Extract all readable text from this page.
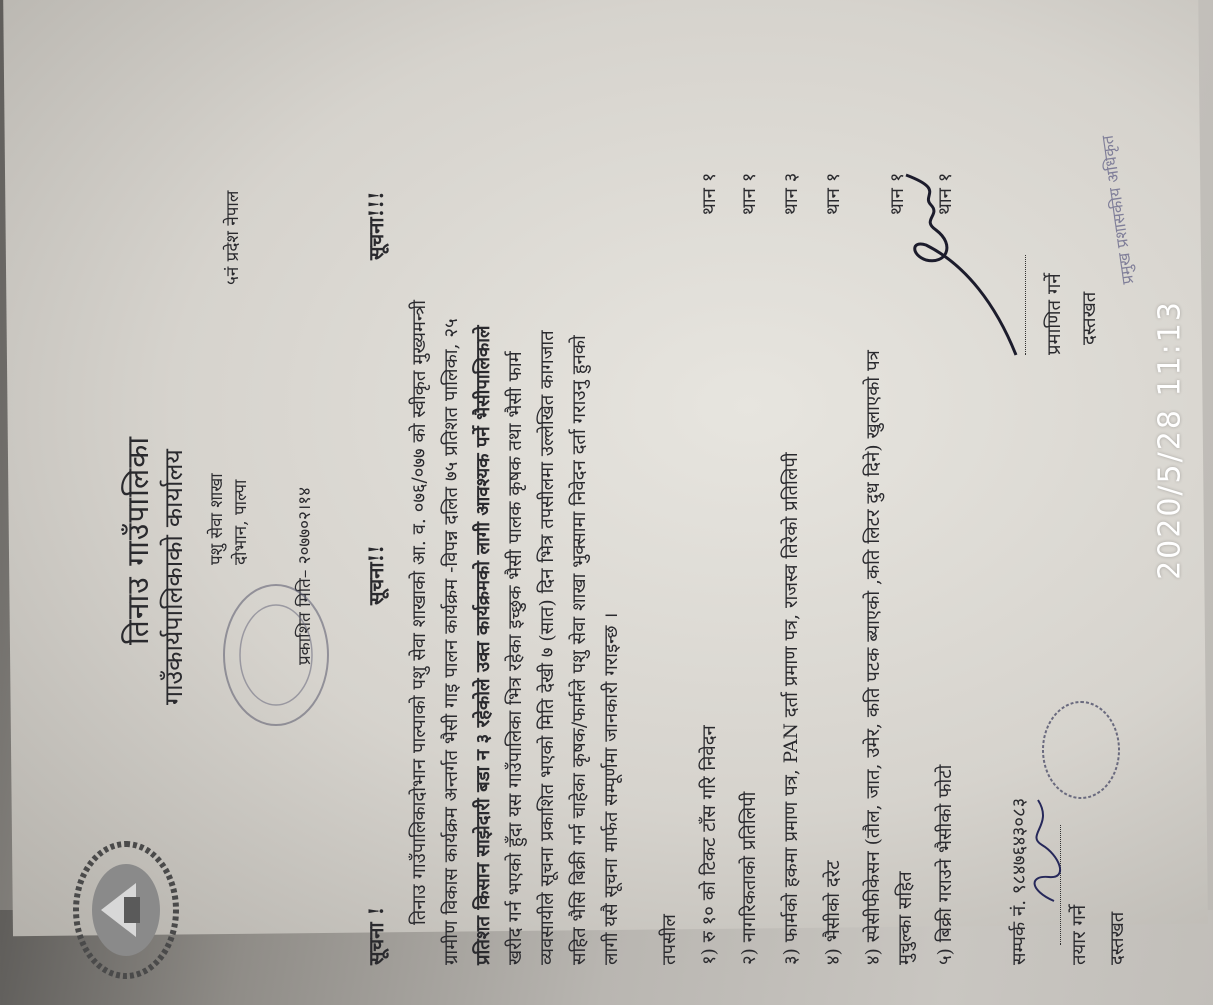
तिनाउ गाउँपालिका गाउँकार्यपालिकाको कार्यालय पशु सेवा शाखा दोभान, पाल्पा
५नं प्रदेश नेपाल
प्रकाशित मिति– २०७७०२।१४
सूचना !
सूचना!!
सूचना!!!
तिनाउ गाउँपालिकादोभान पाल्पाको पशु सेवा शाखाको आ. व. ०७६/०७७ को स्वीकृत मुख्यमन्त्री ग्रामीण विकास कार्यक्रम अन्तर्गत भैसी गाइ पालन कार्यक्रम -विपन्न दलित ७५ प्रतिशत पालिका, २५ प्रतिशत किसान साझेदारी बडा न ३ रहेकोले उक्त कार्यक्रमको लागी आवश्यक पर्ने भैसीपालिकाले खरीद गर्न भएको हुँदा यस गाउँपालिका भित्र रहेका इच्छुक भैसी पालक कृषक तथा भैसी फार्म व्यवसायीले सूचना प्रकाशित भएको मिति देखी ७ (सात) दिन भित्र तपसीलमा उल्लेखित कागजात सहित भैसि बिक्री गर्न चाहेका कृषक/फार्मले पशु सेवा शाखा भुक्सामा निवेदन दर्ता गराउनु हुनको लागी यसै सूचना मार्फत सम्पूर्णमा जानकारी गराइन्छ ।	तपसील १) रु १० को टिकट टाँस गरि निवेदन
थान १
२) नागरिकताको प्रतिलिपी
थान १
३) फार्मको हकमा प्रमाण पत्र, PAN दर्ता प्रमाण पत्र, राजस्व तिरेको प्रतिलिपी
थान ३
४) भैसीको दरेट
थान १
४) स्पेसीफीकेसन (तौल, जात, उमेर, कति पटक ब्याएको ,कति लिटर दुध दिने) खुलाएको पत्र मुचुल्का सहित
थान १
५) बिक्री गराउने भैसीको फोटो
थान १
सम्पर्क नं. ९८४७६४३०८३ तयार गर्ने दस्तखत
प्रमाणित गर्ने दस्तखत
प्रमुख प्रशासकीय अधिकृत
2020/5/28 11:13
